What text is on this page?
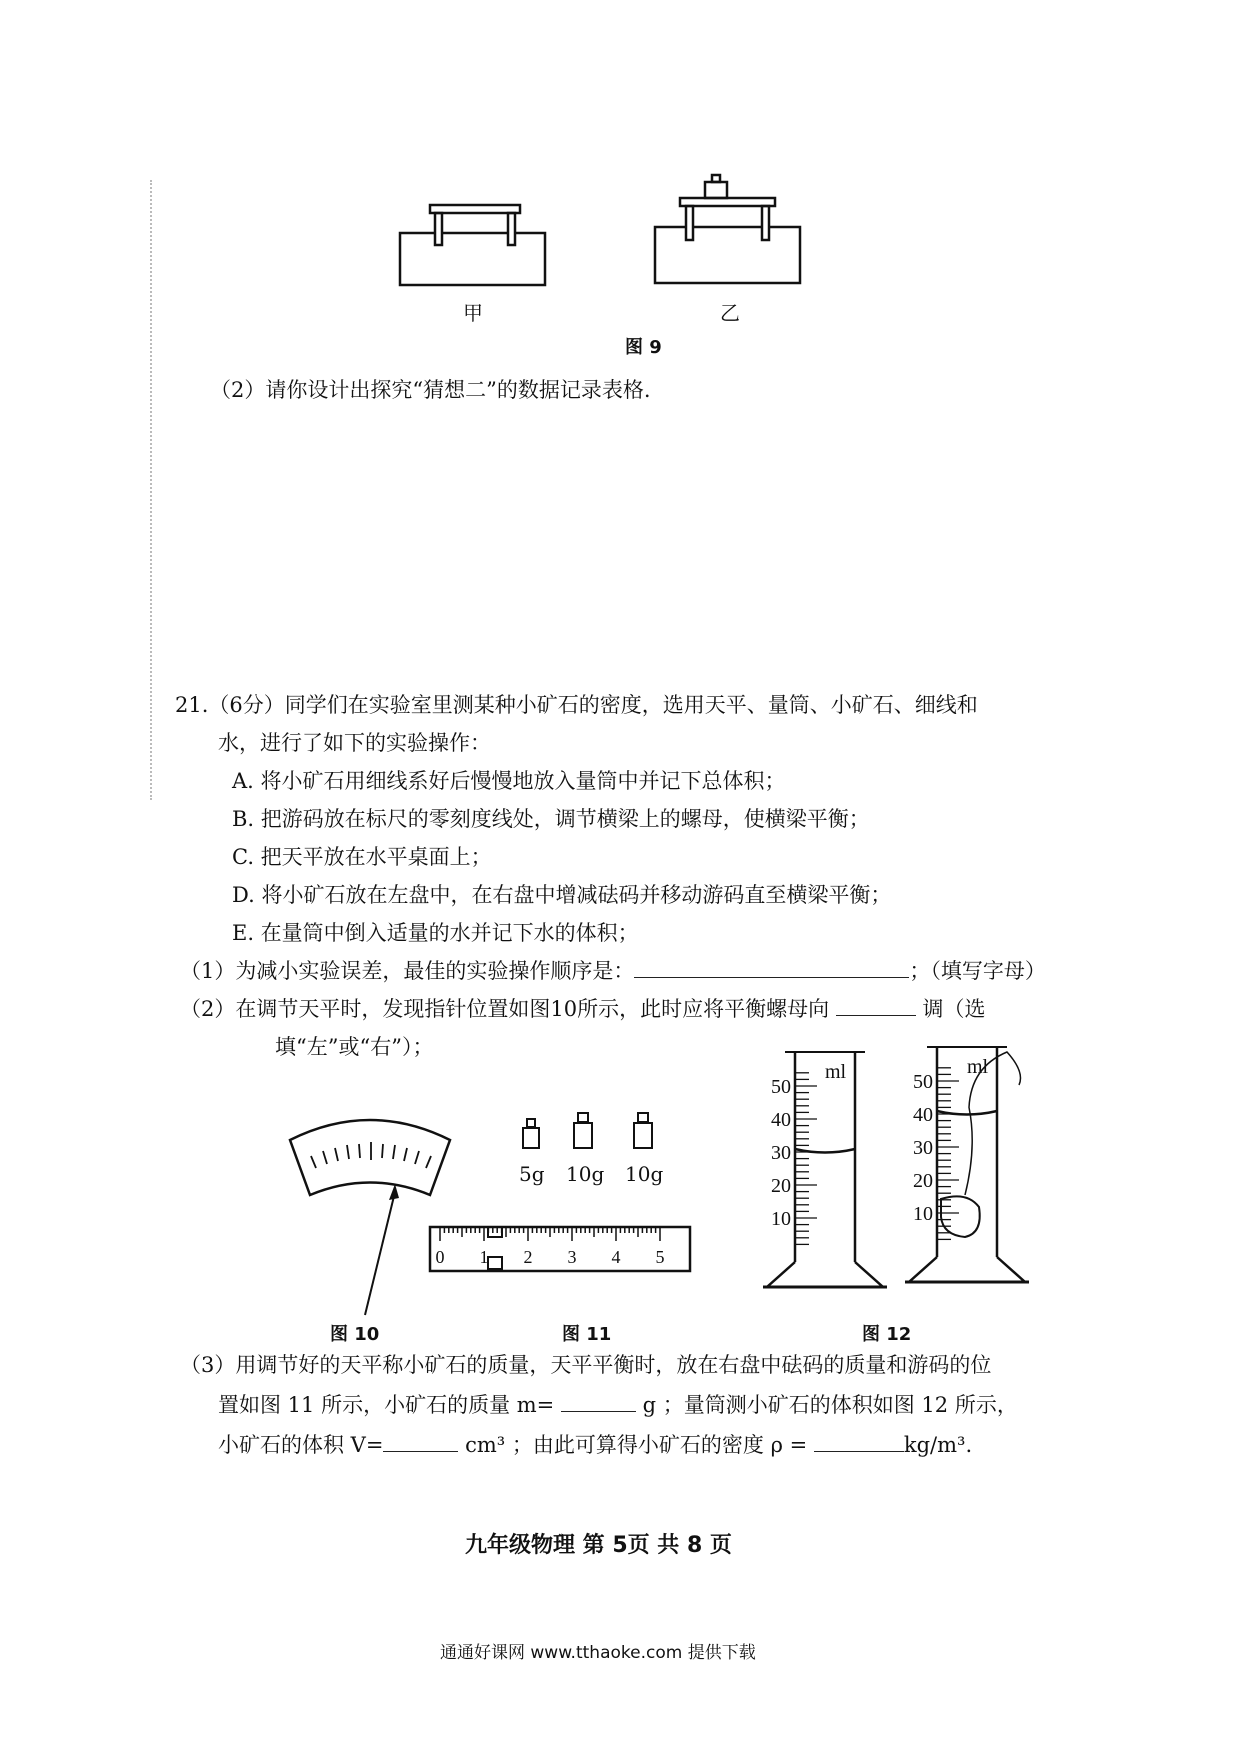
甲	乙
图 9
（2）请你设计出探究“猜想二”的数据记录表格.
21.（6分）同学们在实验室里测某种小矿石的密度，选用天平、量筒、小矿石、细线和
水，进行了如下的实验操作：
A. 将小矿石用细线系好后慢慢地放入量筒中并记下总体积；
B. 把游码放在标尺的零刻度线处，调节横梁上的螺母，使横梁平衡；
C. 把天平放在水平桌面上；
D. 将小矿石放在左盘中，在右盘中增减砝码并移动游码直至横梁平衡；
E. 在量筒中倒入适量的水并记下水的体积；
（1）为减小实验误差，最佳的实验操作顺序是：	；（填写字母）
（2）在调节天平时，发现指针位置如图10所示，此时应将平衡螺母向	调（选
填“左”或“右”）；
图 10
5g 10g 10g
0 1 2 3 4 5
图 11
50
40
30
20
10
ml	50
40
30
20
10
ml
图 12
（3）用调节好的天平称小矿石的质量，天平平衡时，放在右盘中砝码的质量和游码的位
置如图 11 所示，小矿石的质量 m=	g ；量筒测小矿石的体积如图 12 所示，
小矿石的体积 V=	cm³ ；由此可算得小矿石的密度 ρ =	kg/m³.
九年级物理 第 5页 共 8 页
通通好课网 www.tthaoke.com 提供下载
